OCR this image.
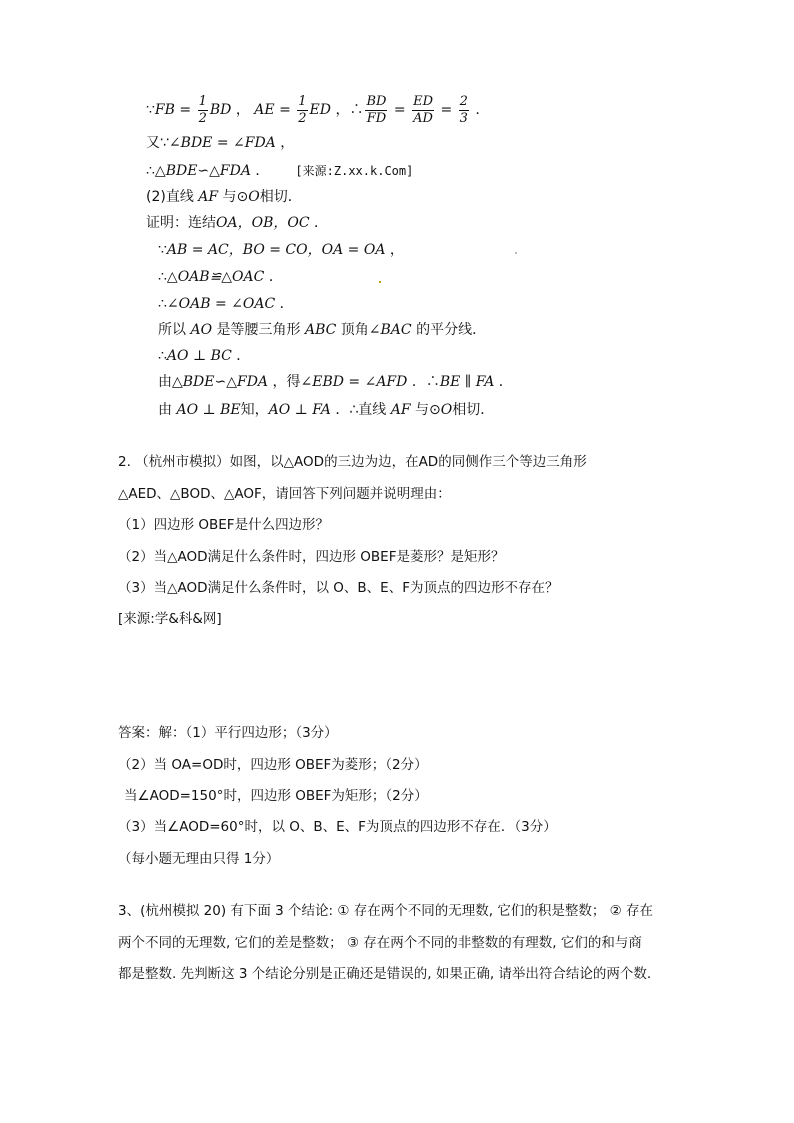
∵FB = $\frac{1}{2}$ BD ， AE = $\frac{1}{2}$ ED ，∴ $\frac{BD}{FD} = \frac{ED}{AD} = \frac{2}{3}$ .
又∵∠BDE = ∠FDA ，
∴△BDE∽△FDA ． [来源:Z.xx.k.Com]
(2)直线 AF 与⊙O相切．
证明：连结OA，OB，OC ．
∵AB = AC，BO = CO，OA = OA ，
∴△OAB≌△OAC ．
∴∠OAB = ∠OAC ．
所以 AO 是等腰三角形 ABC 顶角∠BAC 的平分线．
∴AO ⊥ BC ．
由△BDE∽△FDA ，得∠EBD = ∠AFD ．∴BE ∥ FA ．
由 AO ⊥ BE知，AO ⊥ FA ．∴直线 AF 与⊙O相切．
2. （杭州市模拟）如图，以△AOD的三边为边，在AD的同侧作三个等边三角形
△AED、△BOD、△AOF，请回答下列问题并说明理由：
（1）四边形 OBEF是什么四边形？
（2）当△AOD满足什么条件时，四边形 OBEF是菱形？是矩形？
（3）当△AOD满足什么条件时，以 O、B、E、F为顶点的四边形不存在？
[来源:学&科&网]
答案：解：（1）平行四边形；（3分）
（2）当 OA=OD时，四边形 OBEF为菱形；（2分）
当∠AOD=150°时，四边形 OBEF为矩形；（2分）
（3）当∠AOD=60°时，以 O、B、E、F为顶点的四边形不存在．（3分）
（每小题无理由只得 1分）
3、(杭州模拟 20) 有下面 3 个结论: ① 存在两个不同的无理数, 它们的积是整数； ② 存在
两个不同的无理数, 它们的差是整数； ③ 存在两个不同的非整数的有理数, 它们的和与商
都是整数. 先判断这 3 个结论分别是正确还是错误的, 如果正确, 请举出符合结论的两个数.
